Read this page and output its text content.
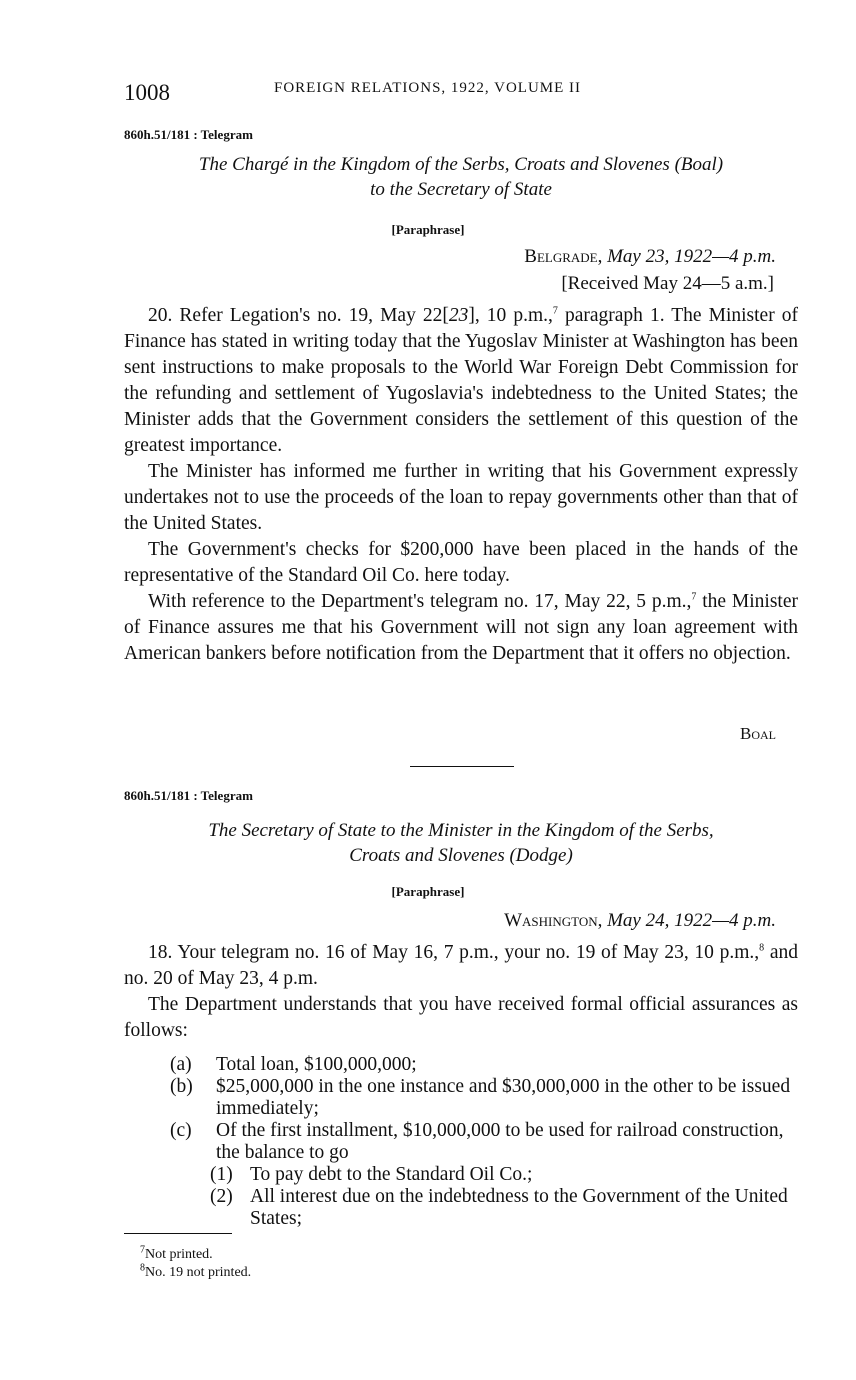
1008	FOREIGN RELATIONS, 1922, VOLUME II
860h.51/181 : Telegram
The Chargé in the Kingdom of the Serbs, Croats and Slovenes (Boal)
to the Secretary of State
[Paraphrase]
Belgrade, May 23, 1922—4 p.m.
[Received May 24—5 a.m.]

20. Refer Legation's no. 19, May 22[23], 10 p.m.,$^7$ paragraph 1. The Minister of Finance has stated in writing today that the Yugoslav Minister at Washington has been sent instructions to make proposals to the World War Foreign Debt Commission for the refunding and settlement of Yugoslavia's indebtedness to the United States; the Minister adds that the Government considers the settlement of this question of the greatest importance.

The Minister has informed me further in writing that his Government expressly undertakes not to use the proceeds of the loan to repay governments other than that of the United States.

The Government's checks for $200,000 have been placed in the hands of the representative of the Standard Oil Co. here today.

With reference to the Department's telegram no. 17, May 22, 5 p.m.,$^7$ the Minister of Finance assures me that his Government will not sign any loan agreement with American bankers before notification from the Department that it offers no objection.

Boal
860h.51/181 : Telegram
The Secretary of State to the Minister in the Kingdom of the Serbs,
Croats and Slovenes (Dodge)
[Paraphrase]
Washington, May 24, 1922—4 p.m.

18. Your telegram no. 16 of May 16, 7 p.m., your no. 19 of May 23, 10 p.m.,$^8$ and no. 20 of May 23, 4 p.m.

The Department understands that you have received formal official assurances as follows:

(a) Total loan, $100,000,000;
(b) $25,000,000 in the one instance and $30,000,000 in the other to be issued immediately;
(c) Of the first installment, $10,000,000 to be used for railroad construction, the balance to go
(1) To pay debt to the Standard Oil Co.;
(2) All interest due on the indebtedness to the Government of the United States;
$^7$Not printed.
$^8$No. 19 not printed.
